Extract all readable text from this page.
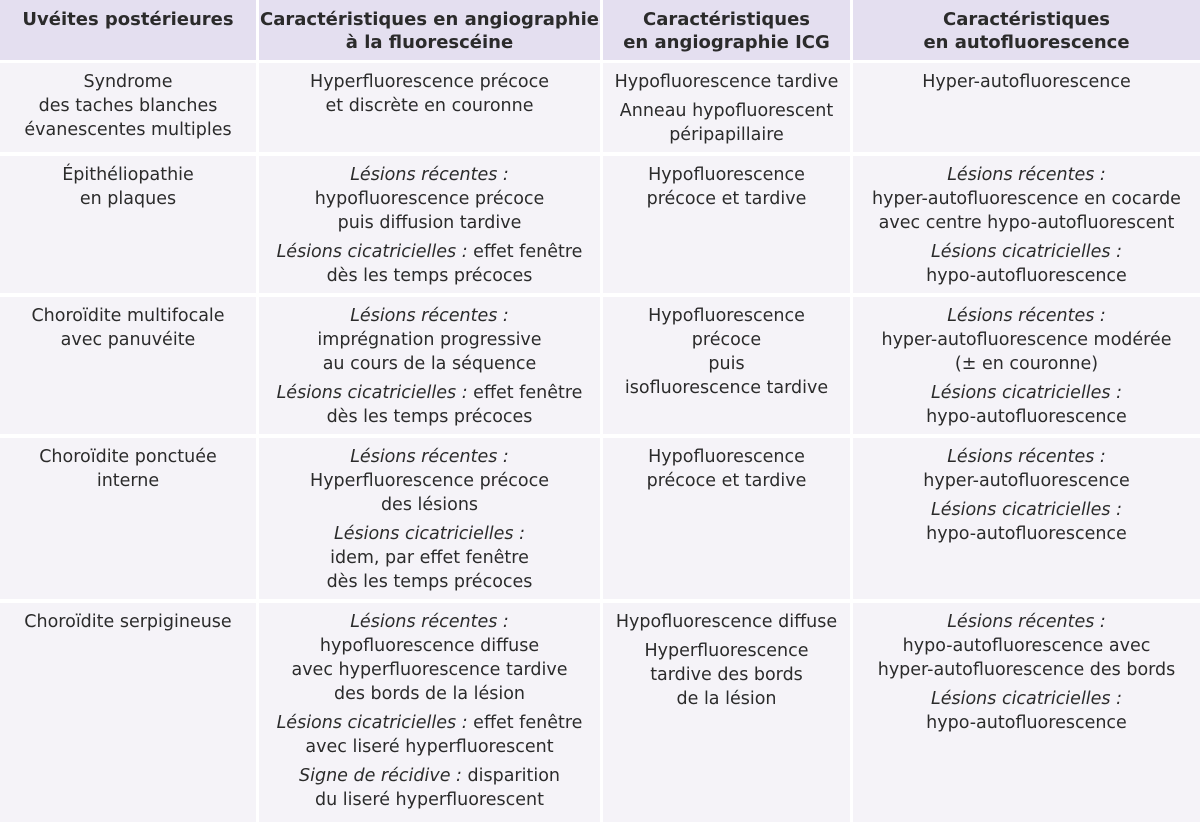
Uvéites postérieures	Caractéristiques en angiographie
à la fluorescéine
Caractéristiques
en angiographie ICG
Caractéristiques
en autofluorescence
Syndrome
des taches blanches
évanescentes multiples
Hyperfluorescence précoce
et discrète en couronne
Hypofluorescence tardive
Anneau hypofluorescent
péripapillaire
Hyper-autofluorescence
Épithéliopathie
en plaques
Lésions récentes :
hypofluorescence précoce
puis diffusion tardive
Lésions cicatricielles : effet fenêtre
dès les temps précoces
Hypofluorescence
précoce et tardive
Lésions récentes :
hyper-autofluorescence en cocarde
avec centre hypo-autofluorescent
Lésions cicatricielles :
hypo-autofluorescence
Choroïdite multifocale
avec panuvéite
Lésions récentes :
imprégnation progressive
au cours de la séquence
Lésions cicatricielles : effet fenêtre
dès les temps précoces
Hypofluorescence
précoce
puis
isofluorescence tardive
Lésions récentes :
hyper-autofluorescence modérée
(± en couronne)
Lésions cicatricielles :
hypo-autofluorescence
Choroïdite ponctuée
interne
Lésions récentes :
Hyperfluorescence précoce
des lésions
Lésions cicatricielles :
idem, par effet fenêtre
dès les temps précoces
Hypofluorescence
précoce et tardive
Lésions récentes :
hyper-autofluorescence
Lésions cicatricielles :
hypo-autofluorescence
Choroïdite serpigineuse	Lésions récentes :
hypofluorescence diffuse
avec hyperfluorescence tardive
des bords de la lésion
Lésions cicatricielles : effet fenêtre
avec liseré hyperfluorescent
Signe de récidive : disparition
du liseré hyperfluorescent
Hypofluorescence diffuse
Hyperfluorescence
tardive des bords
de la lésion
Lésions récentes :
hypo-autofluorescence avec
hyper-autofluorescence des bords
Lésions cicatricielles :
hypo-autofluorescence
